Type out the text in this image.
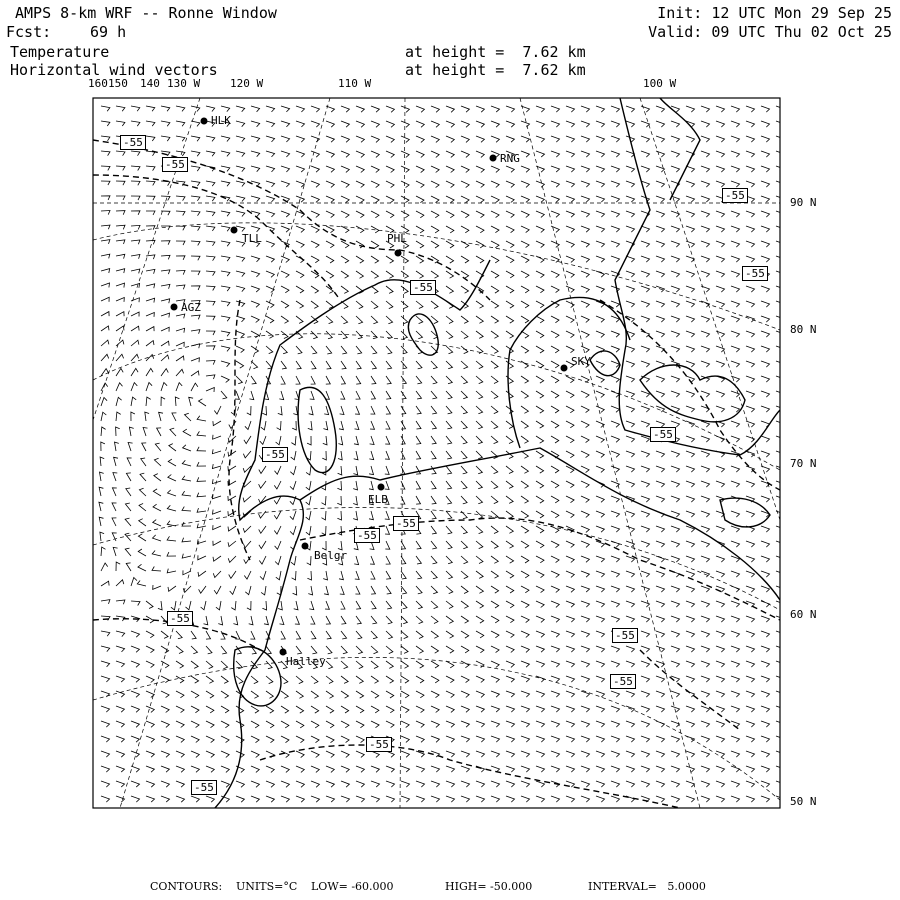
AMPS 8-km WRF -- Ronne Window
Fcst:	69 h
Temperature
Horizontal wind vectors
at height =  7.62 km
at height =  7.62 km
Init: 12 UTC Mon 29 Sep 25
Valid: 09 UTC Thu 02 Oct 25
160 150 140 130 W	120 W	110 W	100 W
90 N
80 N
70 N
60 N
50 N
HLK
RNG
TLL	PHL
AGZ
SKY
ELB
Belgr
Halley
-55
-55
-55
-55
-55
-55
-55
-55
-55
-55
-55
-55
-55
-55
CONTOURS: UNITS=°C LOW= -60.000	HIGH= -50.000	INTERVAL=   5.0000
